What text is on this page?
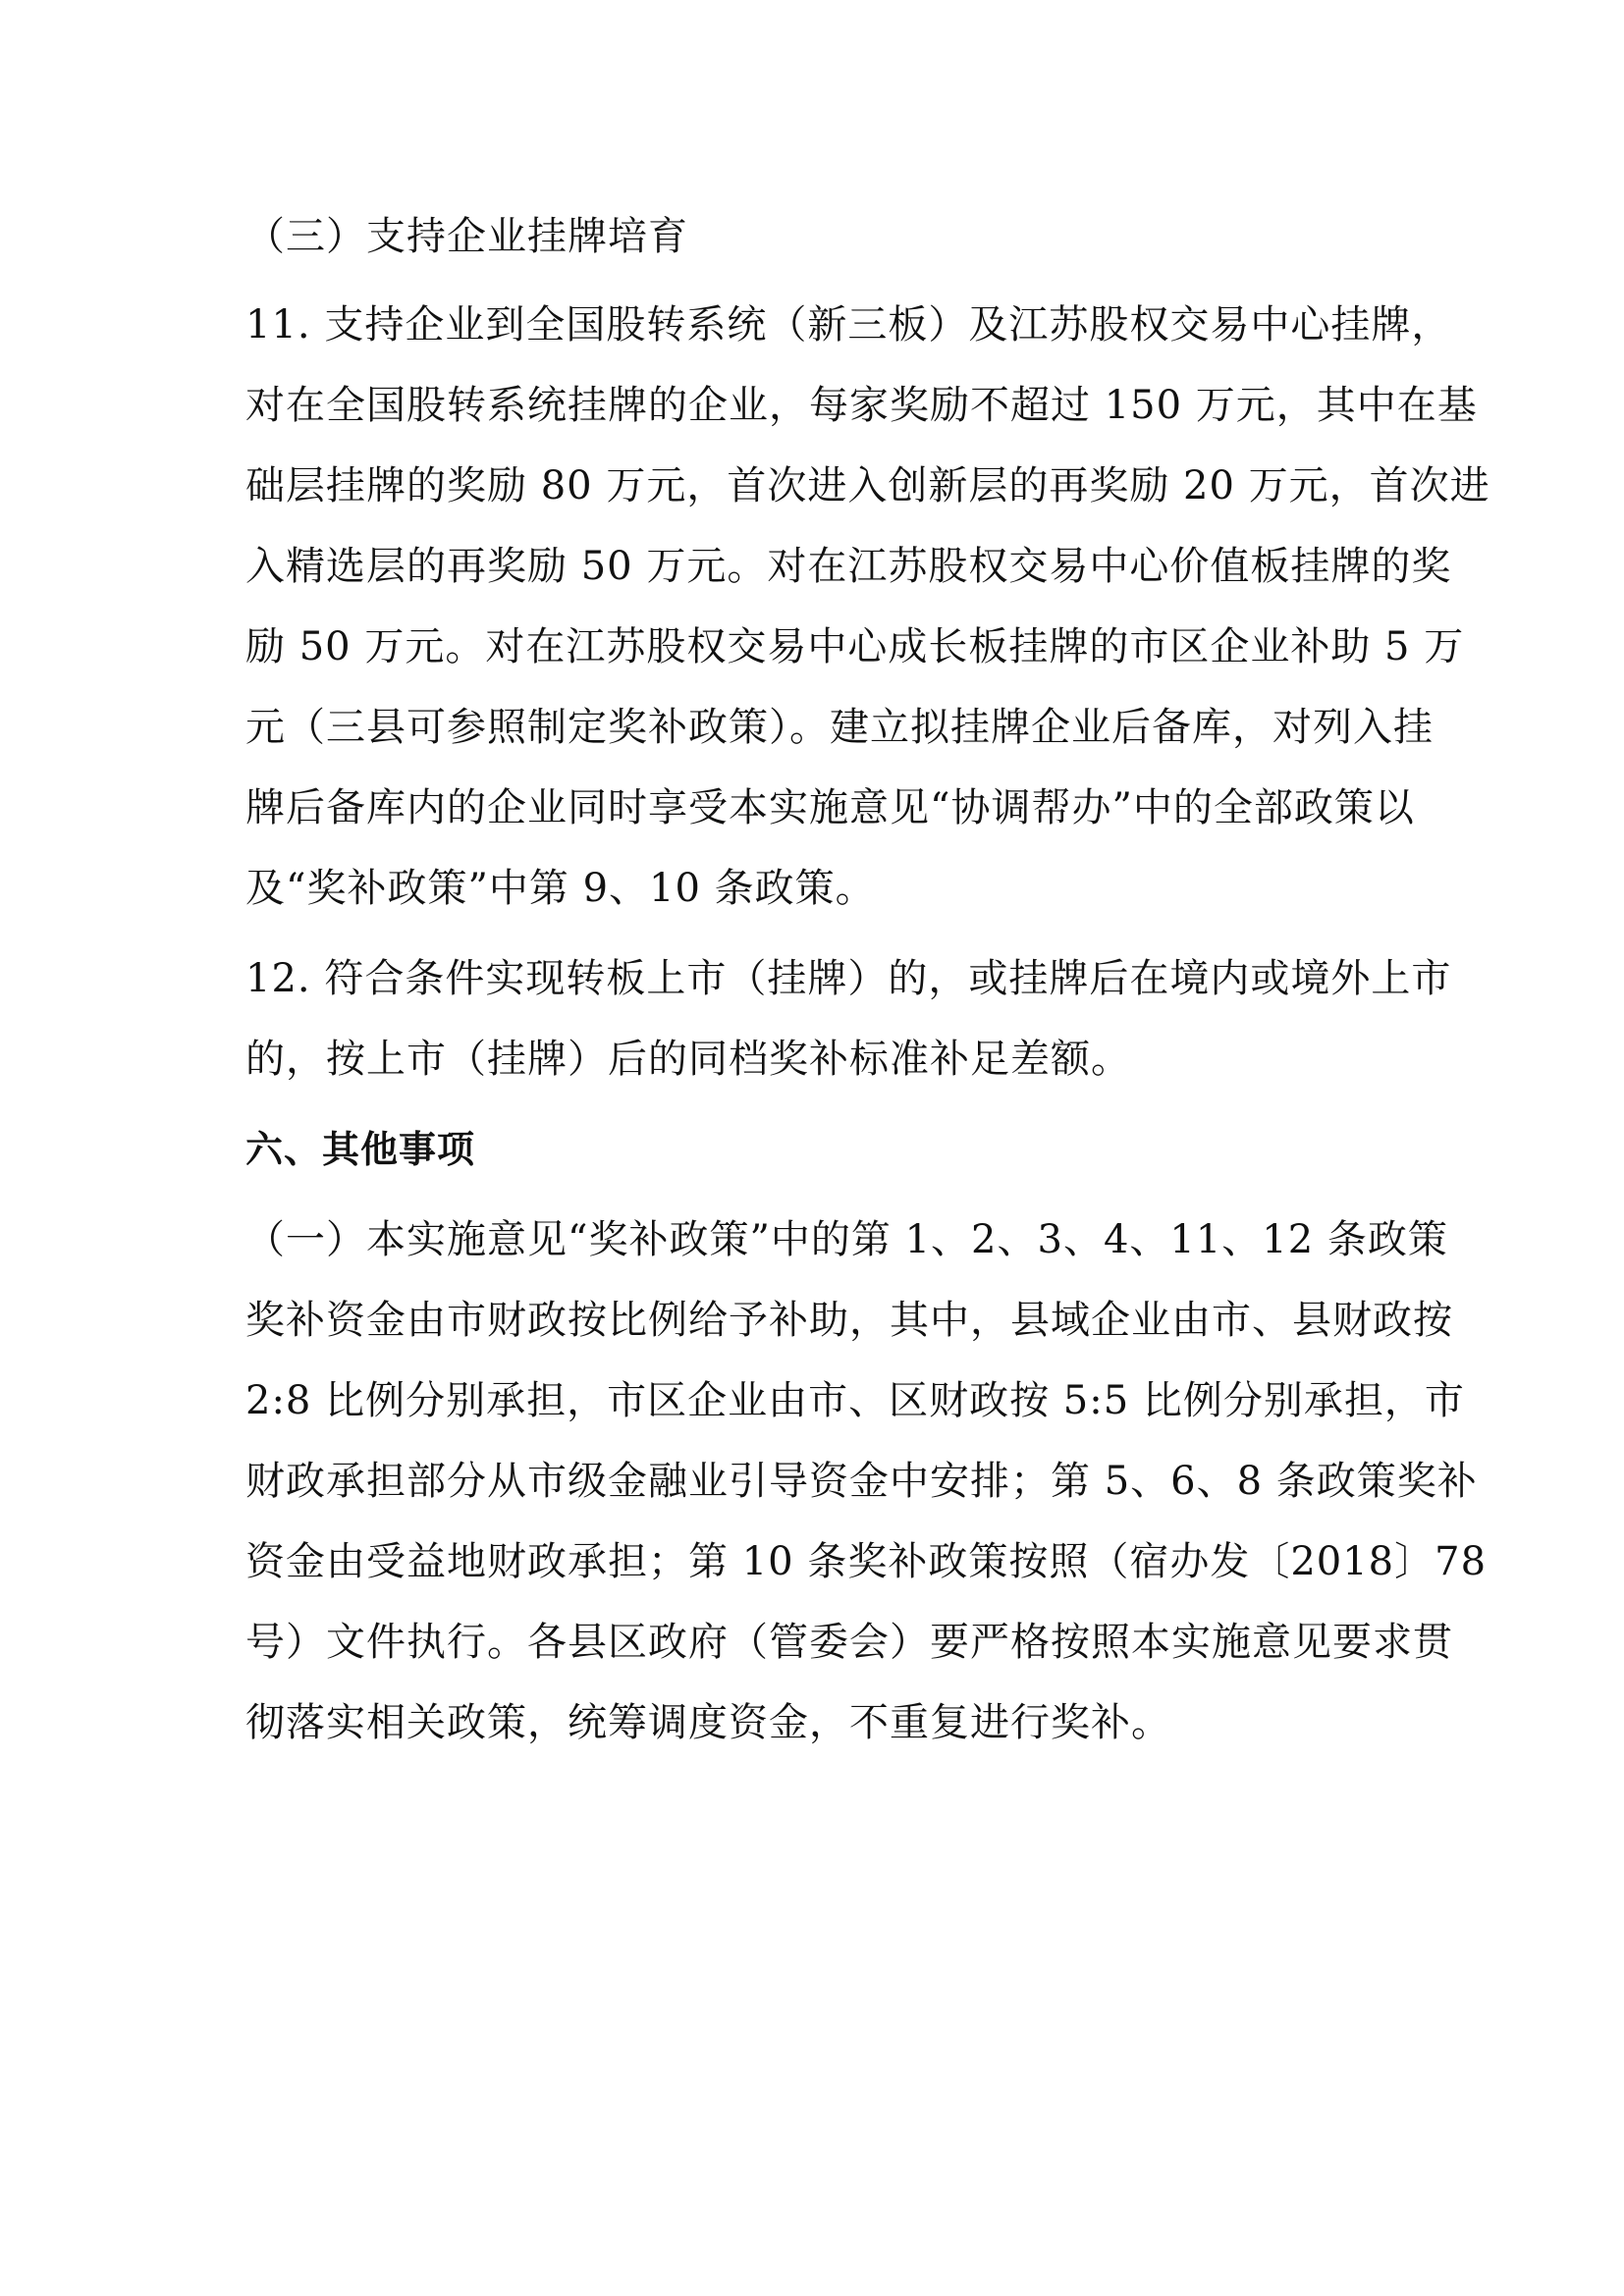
（三）支持企业挂牌培育
11. 支持企业到全国股转系统（新三板）及江苏股权交易中心挂牌，
对在全国股转系统挂牌的企业，每家奖励不超过 150 万元，其中在基
础层挂牌的奖励 80 万元，首次进入创新层的再奖励 20 万元，首次进
入精选层的再奖励 50 万元。对在江苏股权交易中心价值板挂牌的奖
励 50 万元。对在江苏股权交易中心成长板挂牌的市区企业补助 5 万
元（三县可参照制定奖补政策）。建立拟挂牌企业后备库，对列入挂
牌后备库内的企业同时享受本实施意见“协调帮办”中的全部政策以
及“奖补政策”中第 9、10 条政策。
12. 符合条件实现转板上市（挂牌）的，或挂牌后在境内或境外上市
的，按上市（挂牌）后的同档奖补标准补足差额。
六、其他事项
（一）本实施意见“奖补政策”中的第 1、2、3、4、11、12 条政策
奖补资金由市财政按比例给予补助，其中，县域企业由市、县财政按
2:8 比例分别承担，市区企业由市、区财政按 5:5 比例分别承担，市
财政承担部分从市级金融业引导资金中安排；第 5、6、8 条政策奖补
资金由受益地财政承担；第 10 条奖补政策按照（宿办发〔2018〕78
号）文件执行。各县区政府（管委会）要严格按照本实施意见要求贯
彻落实相关政策，统筹调度资金，不重复进行奖补。
